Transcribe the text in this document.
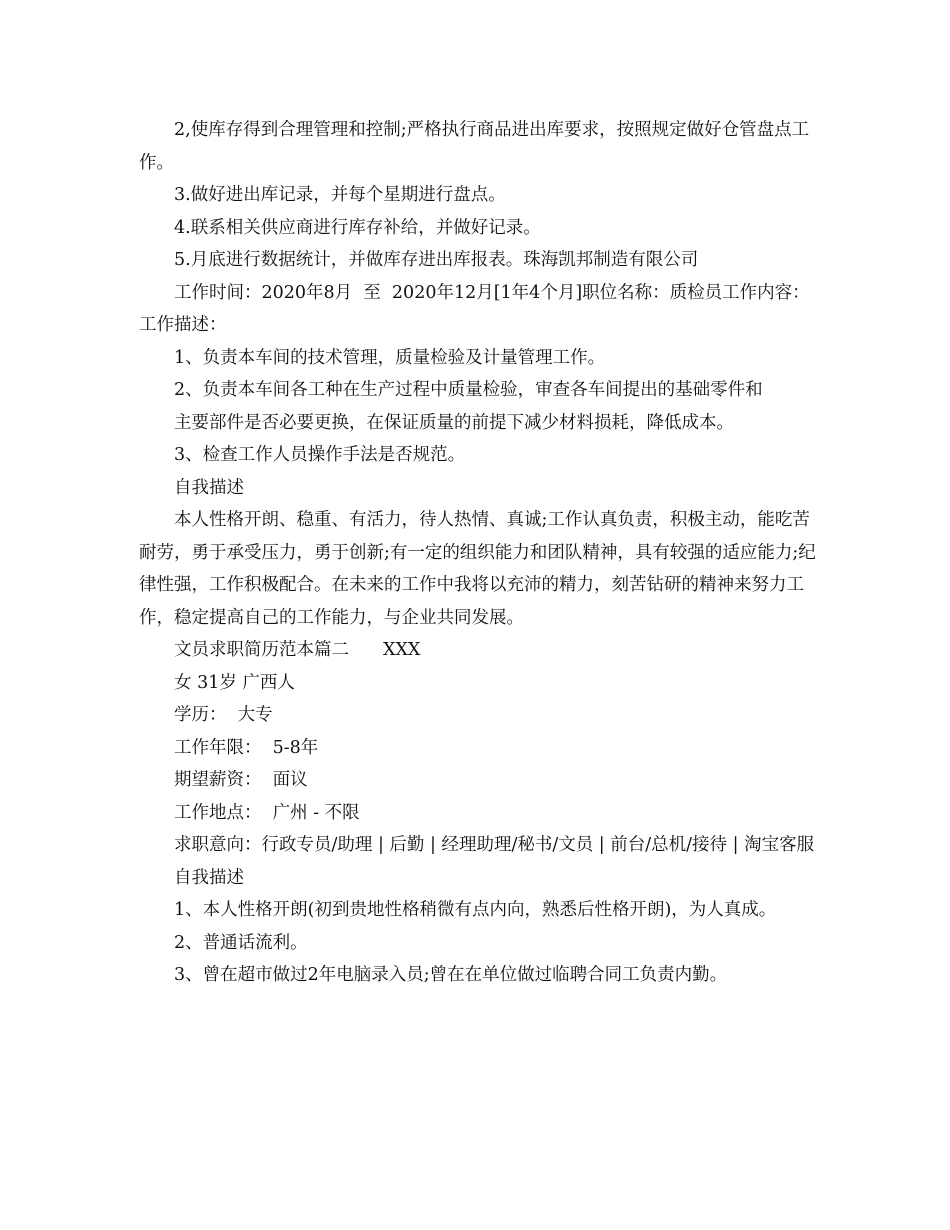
2,使库存得到合理管理和控制;严格执行商品进出库要求，按照规定做好仓管盘点工作。

3.做好进出库记录，并每个星期进行盘点。

4.联系相关供应商进行库存补给，并做好记录。

5.月底进行数据统计，并做库存进出库报表。珠海凯邦制造有限公司

工作时间：2020年8月  至  2020年12月[1年4个月]职位名称：质检员工作内容：工作描述：

1、负责本车间的技术管理，质量检验及计量管理工作。

2、负责本车间各工种在生产过程中质量检验，审查各车间提出的基础零件和

主要部件是否必要更换，在保证质量的前提下减少材料损耗，降低成本。

3、检查工作人员操作手法是否规范。

自我描述

本人性格开朗、稳重、有活力，待人热情、真诚;工作认真负责，积极主动，能吃苦耐劳，勇于承受压力，勇于创新;有一定的组织能力和团队精神，具有较强的适应能力;纪律性强，工作积极配合。在未来的工作中我将以充沛的精力，刻苦钻研的精神来努力工作，稳定提高自己的工作能力，与企业共同发展。

文员求职简历范本篇二 XXX

女 31岁 广西人

学历：  大专

工作年限：  5-8年

期望薪资：  面议

工作地点：  广州 - 不限

求职意向：行政专员/助理 | 后勤 | 经理助理/秘书/文员 | 前台/总机/接待 | 淘宝客服

自我描述

1、本人性格开朗(初到贵地性格稍微有点内向，熟悉后性格开朗)，为人真成。

2、普通话流利。

3、曾在超市做过2年电脑录入员;曾在在单位做过临聘合同工负责内勤。
